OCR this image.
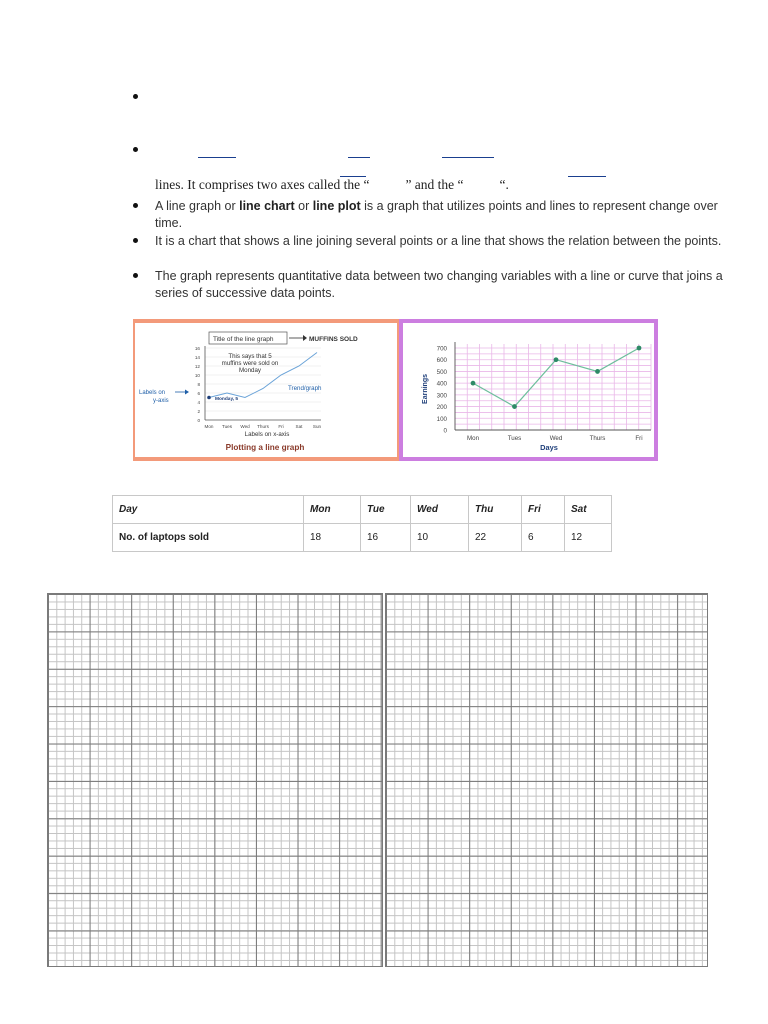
lines. It comprises two axes called the “	” and the “	“.
A line graph or line chart or line plot is a graph that utilizes points and lines to represent change over time.
It is a chart that shows a line joining several points or a line that shows the relation between the points.
The graph represents quantitative data between two changing variables with a line or curve that joins a series of successive data points.
Title of the line graph	MUFFINS SOLD
16
14
12
10
8
6
4
2
0
Mon Tues Wed Thurs Fri	Sat Sun
This says that 5
muffins were sold on
Monday
Trend/graph
Labels on
y-axis	Monday, 5
Labels on x-axis
Plotting a line graph
700
600
500
400
300
200
100
0
Mon	Tues	Wed	Thurs	Fri
Days
Earnings
Day	Mon	Tue	Wed	Thu	Fri	Sat
No. of laptops sold	18	16	10	22	6	12
